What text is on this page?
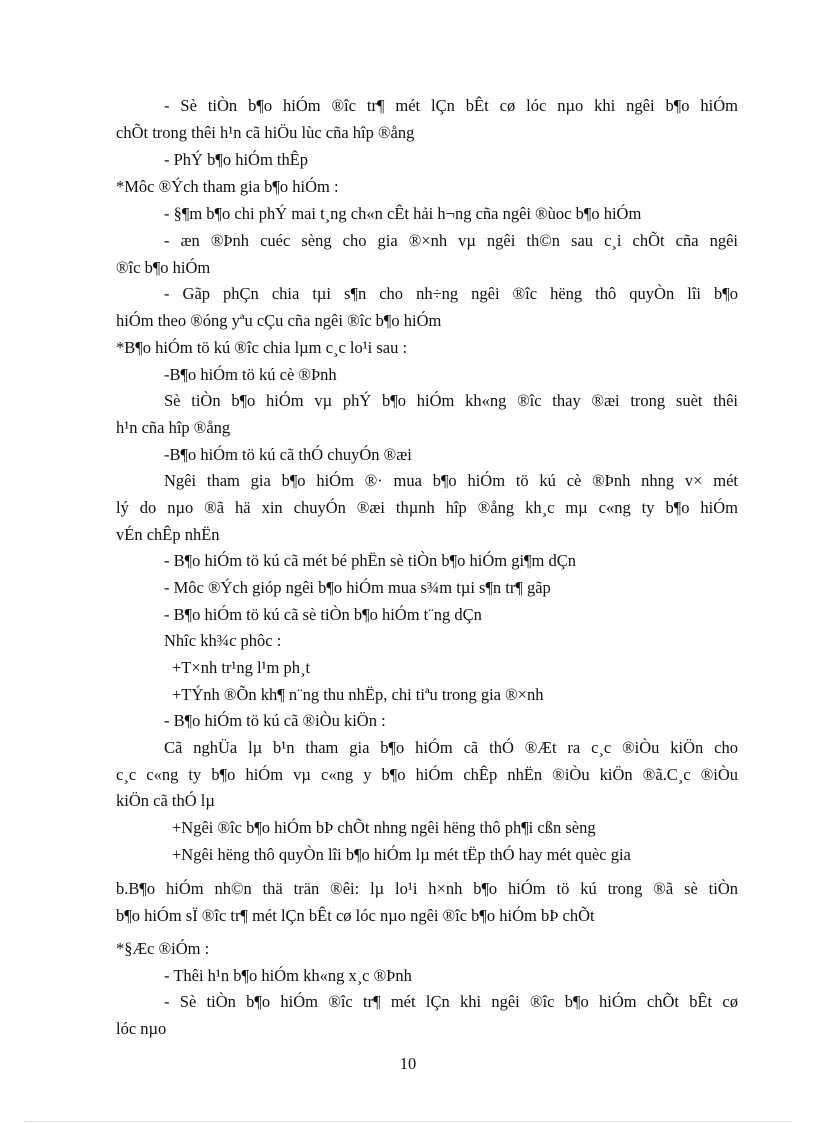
- Sè tiÒn b¶o hiÓm ®îc tr¶ mét lÇn bÊt cø lóc nµo khi ngêi b¶o hiÓm
chÕt trong thêi h¹n cã hiÖu lùc cña hîp ®ång
- PhÝ b¶o hiÓm thÊp
*Môc ®Ých tham gia b¶o hiÓm :
- §¶m b¶o chi phÝ mai t¸ng ch«n cÊt hải h¬ng cña ngêi ®ùoc b¶o hiÓm
- æn ®Þnh cuéc sèng cho gia ®×nh vµ ngêi th©n sau c¸i chÕt cña ngêi
®îc b¶o hiÓm
- Gãp phÇn chia tµi s¶n cho nh÷ng ngêi ®îc hëng thô quyÒn lîi b¶o
hiÓm theo ®óng yªu cÇu cña ngêi ®îc b¶o hiÓm
*B¶o hiÓm tö kú ®îc chia lµm c¸c lo¹i sau :
-B¶o hiÓm tö kú cè ®Þnh
Sè tiÒn b¶o hiÓm vµ phÝ b¶o hiÓm kh«ng ®îc thay ®æi trong suèt thêi
h¹n cña hîp ®ång
-B¶o hiÓm tö kú cã thÓ chuyÓn ®æi
Ngêi tham gia b¶o hiÓm ®· mua b¶o hiÓm tö kú cè ®Þnh nhng v× mét
lý do nµo ®ã hä xin chuyÓn ®æi thµnh hîp ®ång kh¸c mµ c«ng ty b¶o hiÓm
vÉn chÊp nhËn
- B¶o hiÓm tö kú cã mét bé phËn sè tiÒn b¶o hiÓm gi¶m dÇn
- Môc ®Ých gióp ngêi b¶o hiÓm mua s¾m tµi s¶n tr¶ gãp
- B¶o hiÓm tö kú cã sè tiÒn b¶o hiÓm t¨ng dÇn
Nhîc kh¾c phôc :
+T×nh tr¹ng l¹m ph¸t
+TÝnh ®Õn kh¶ n¨ng thu nhËp, chi tiªu trong gia ®×nh
- B¶o hiÓm tö kú cã ®iÒu kiÖn :
Cã nghÜa lµ b¹n tham gia b¶o hiÓm cã thÓ ®Æt ra c¸c ®iÒu kiÖn cho
c¸c c«ng ty b¶o hiÓm vµ c«ng y b¶o hiÓm chÊp nhËn ®iÒu kiÖn ®ã.C¸c ®iÒu
kiÖn cã thÓ lµ
+Ngêi ®îc b¶o hiÓm bÞ chÕt nhng ngêi hëng thô ph¶i cßn sèng
+Ngêi hëng thô quyÒn lîi b¶o hiÓm lµ mét tËp thÓ hay mét quèc gia
b.B¶o hiÓm nh©n thä trän ®êi: lµ lo¹i h×nh b¶o hiÓm tö kú trong ®ã sè tiÒn
b¶o hiÓm sÏ ®îc tr¶ mét lÇn bÊt cø lóc nµo ngêi ®îc b¶o hiÓm bÞ chÕt
*§Æc ®iÓm :
- Thêi h¹n b¶o hiÓm kh«ng x¸c ®Þnh
- Sè tiÒn b¶o hiÓm ®îc tr¶ mét lÇn khi ngêi ®îc b¶o hiÓm chÕt bÊt cø
lóc nµo
10
